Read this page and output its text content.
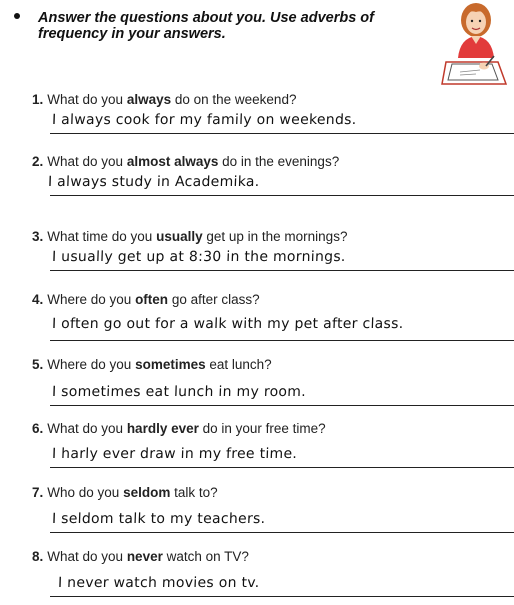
Answer the questions about you. Use adverbs of frequency in your answers.
1. What do you always do on the weekend?
I always cook for my family on weekends.
2. What do you almost always do in the evenings?
I always study in Academika.
3. What time do you usually get up in the mornings?
I usually get up at 8:30 in the mornings.
4. Where do you often go after class?
I often go out for a walk with my pet after class.
5. Where do you sometimes eat lunch?
I sometimes eat lunch in my room.
6. What do you hardly ever do in your free time?
I harly ever draw in my free time.
7. Who do you seldom talk to?
I seldom talk to my teachers.
8. What do you never watch on TV?
I never watch movies on tv.
